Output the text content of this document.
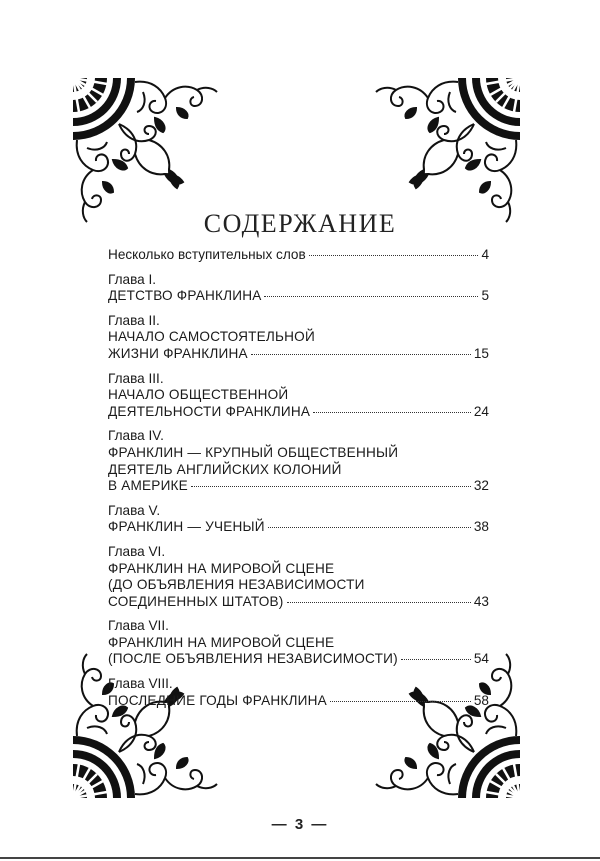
СОДЕРЖАНИЕ
Несколько вступительных слов	4
Глава I.
ДЕТСТВО ФРАНКЛИНА	5
Глава II.
НАЧАЛО САМОСТОЯТЕЛЬНОЙ
ЖИЗНИ ФРАНКЛИНА	15
Глава III.
НАЧАЛО ОБЩЕСТВЕННОЙ
ДЕЯТЕЛЬНОСТИ ФРАНКЛИНА	24
Глава IV.
ФРАНКЛИН — КРУПНЫЙ ОБЩЕСТВЕННЫЙ
ДЕЯТЕЛЬ АНГЛИЙСКИХ КОЛОНИЙ
В АМЕРИКЕ	32
Глава V.
ФРАНКЛИН — УЧЕНЫЙ	38
Глава VI.
ФРАНКЛИН НА МИРОВОЙ СЦЕНЕ
(ДО ОБЪЯВЛЕНИЯ НЕЗАВИСИМОСТИ
СОЕДИНЕННЫХ ШТАТОВ)	43
Глава VII.
ФРАНКЛИН НА МИРОВОЙ СЦЕНЕ
(ПОСЛЕ ОБЪЯВЛЕНИЯ НЕЗАВИСИМОСТИ)	54
Глава VIII.
ПОСЛЕДНИЕ ГОДЫ ФРАНКЛИНА	58
— 3 —
